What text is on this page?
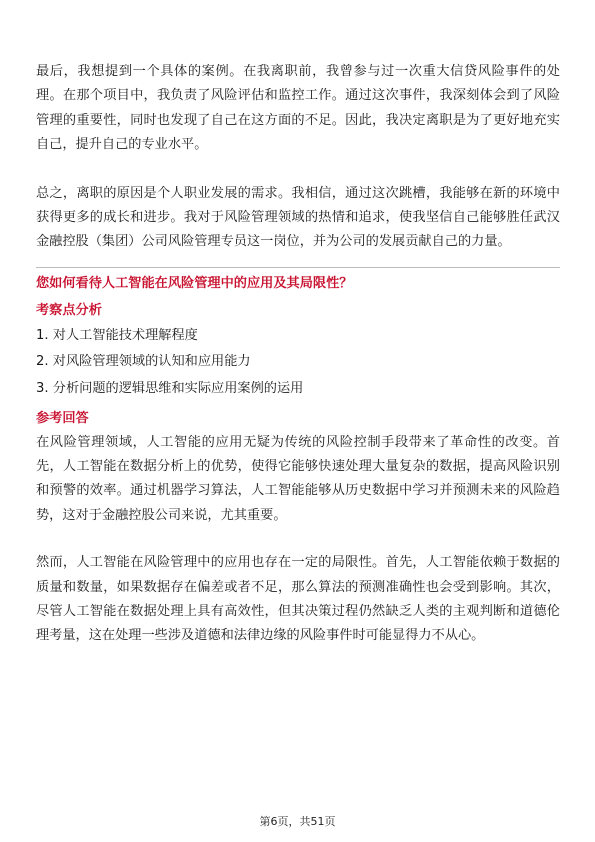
最后，我想提到一个具体的案例。在我离职前，我曾参与过一次重大信贷风险事件的处理。在那个项目中，我负责了风险评估和监控工作。通过这次事件，我深刻体会到了风险管理的重要性，同时也发现了自己在这方面的不足。因此，我决定离职是为了更好地充实自己，提升自己的专业水平。

总之，离职的原因是个人职业发展的需求。我相信，通过这次跳槽，我能够在新的环境中获得更多的成长和进步。我对于风险管理领域的热情和追求，使我坚信自己能够胜任武汉金融控股（集团）公司风险管理专员这一岗位，并为公司的发展贡献自己的力量。

您如何看待人工智能在风险管理中的应用及其局限性？
考察点分析
1. 对人工智能技术理解程度
2. 对风险管理领域的认知和应用能力
3. 分析问题的逻辑思维和实际应用案例的运用
参考回答

在风险管理领域，人工智能的应用无疑为传统的风险控制手段带来了革命性的改变。首先，人工智能在数据分析上的优势，使得它能够快速处理大量复杂的数据，提高风险识别和预警的效率。通过机器学习算法，人工智能能够从历史数据中学习并预测未来的风险趋势，这对于金融控股公司来说，尤其重要。

然而，人工智能在风险管理中的应用也存在一定的局限性。首先，人工智能依赖于数据的质量和数量，如果数据存在偏差或者不足，那么算法的预测准确性也会受到影响。其次，尽管人工智能在数据处理上具有高效性，但其决策过程仍然缺乏人类的主观判断和道德伦理考量，这在处理一些涉及道德和法律边缘的风险事件时可能显得力不从心。

第6页，共51页
